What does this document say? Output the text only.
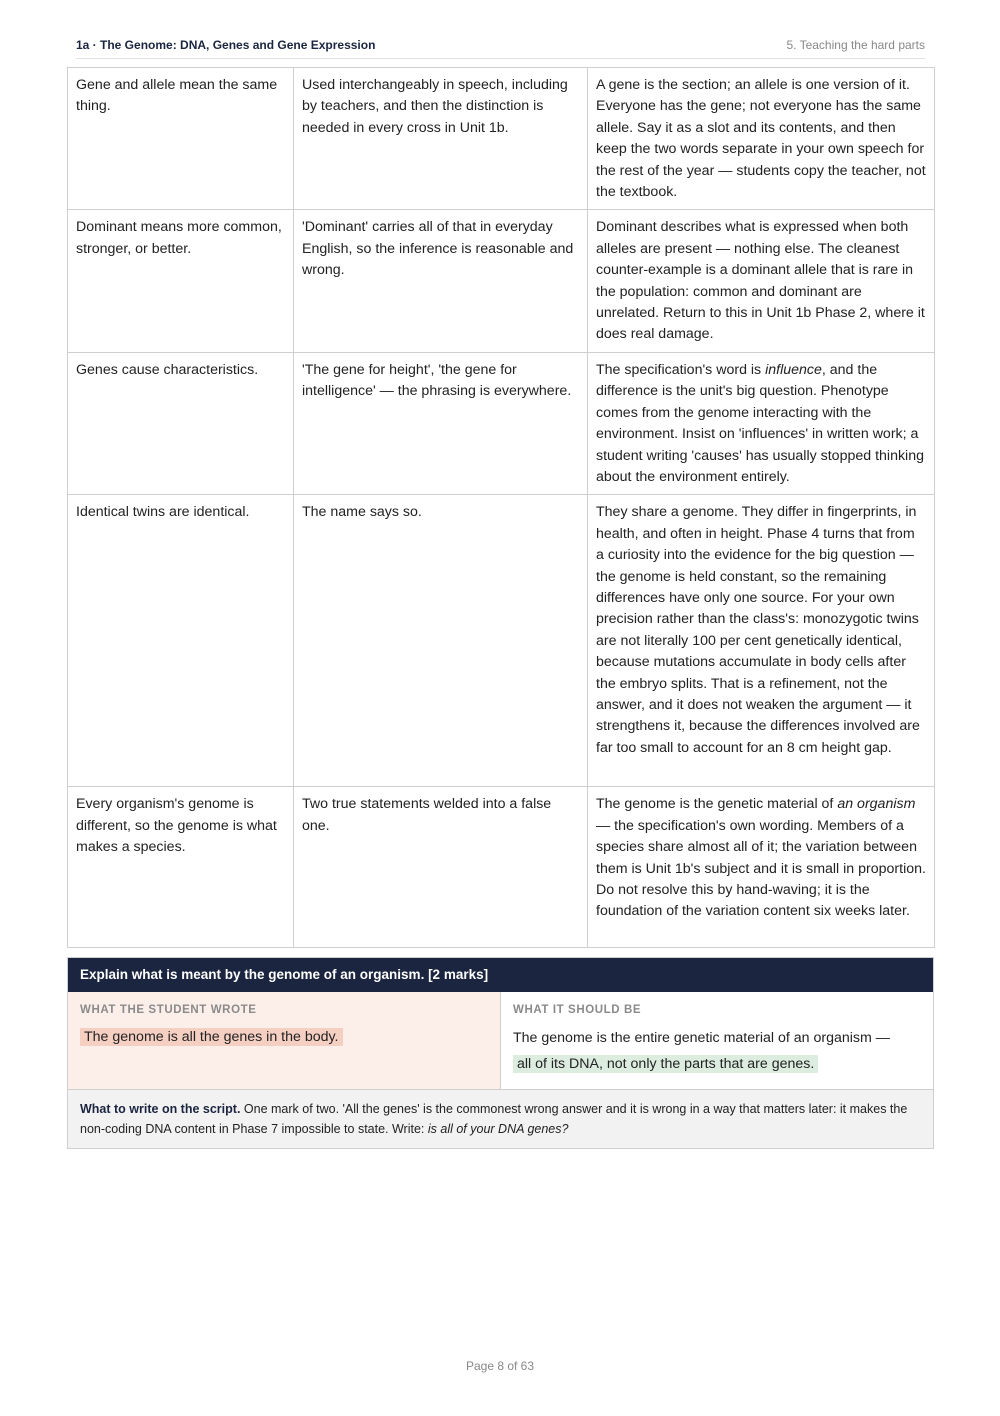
1a · The Genome: DNA, Genes and Gene Expression	5. Teaching the hard parts
Gene and allele mean the same thing.	Used interchangeably in speech, including by teachers, and then the distinction is needed in every cross in Unit 1b.	A gene is the section; an allele is one version of it. Everyone has the gene; not everyone has the same allele. Say it as a slot and its contents, and then keep the two words separate in your own speech for the rest of the year — students copy the teacher, not the textbook.
Dominant means more common, stronger, or better.	'Dominant' carries all of that in everyday English, so the inference is reasonable and wrong.	Dominant describes what is expressed when both alleles are present — nothing else. The cleanest counter-example is a dominant allele that is rare in the population: common and dominant are unrelated. Return to this in Unit 1b Phase 2, where it does real damage.
Genes cause characteristics.	'The gene for height', 'the gene for intelligence' — the phrasing is everywhere.	The specification's word is influence, and the difference is the unit's big question. Phenotype comes from the genome interacting with the environment. Insist on 'influences' in written work; a student writing 'causes' has usually stopped thinking about the environment entirely.
Identical twins are identical.	The name says so.	They share a genome. They differ in fingerprints, in health, and often in height. Phase 4 turns that from a curiosity into the evidence for the big question — the genome is held constant, so the remaining differences have only one source. For your own precision rather than the class's: monozygotic twins are not literally 100 per cent genetically identical, because mutations accumulate in body cells after the embryo splits. That is a refinement, not the answer, and it does not weaken the argument — it strengthens it, because the differences involved are far too small to account for an 8 cm height gap.
Every organism's genome is different, so the genome is what makes a species.	Two true statements welded into a false one.	The genome is the genetic material of an organism — the specification's own wording. Members of a species share almost all of it; the variation between them is Unit 1b's subject and it is small in proportion. Do not resolve this by hand-waving; it is the foundation of the variation content six weeks later.
Explain what is meant by the genome of an organism. [2 marks]
WHAT THE STUDENT WROTE
The genome is all the genes in the body.
WHAT IT SHOULD BE
The genome is the entire genetic material of an organism —
all of its DNA, not only the parts that are genes.
What to write on the script. One mark of two. 'All the genes' is the commonest wrong answer and it is wrong in a way that matters later: it makes the non-coding DNA content in Phase 7 impossible to state. Write: is all of your DNA genes?
Page 8 of 63
